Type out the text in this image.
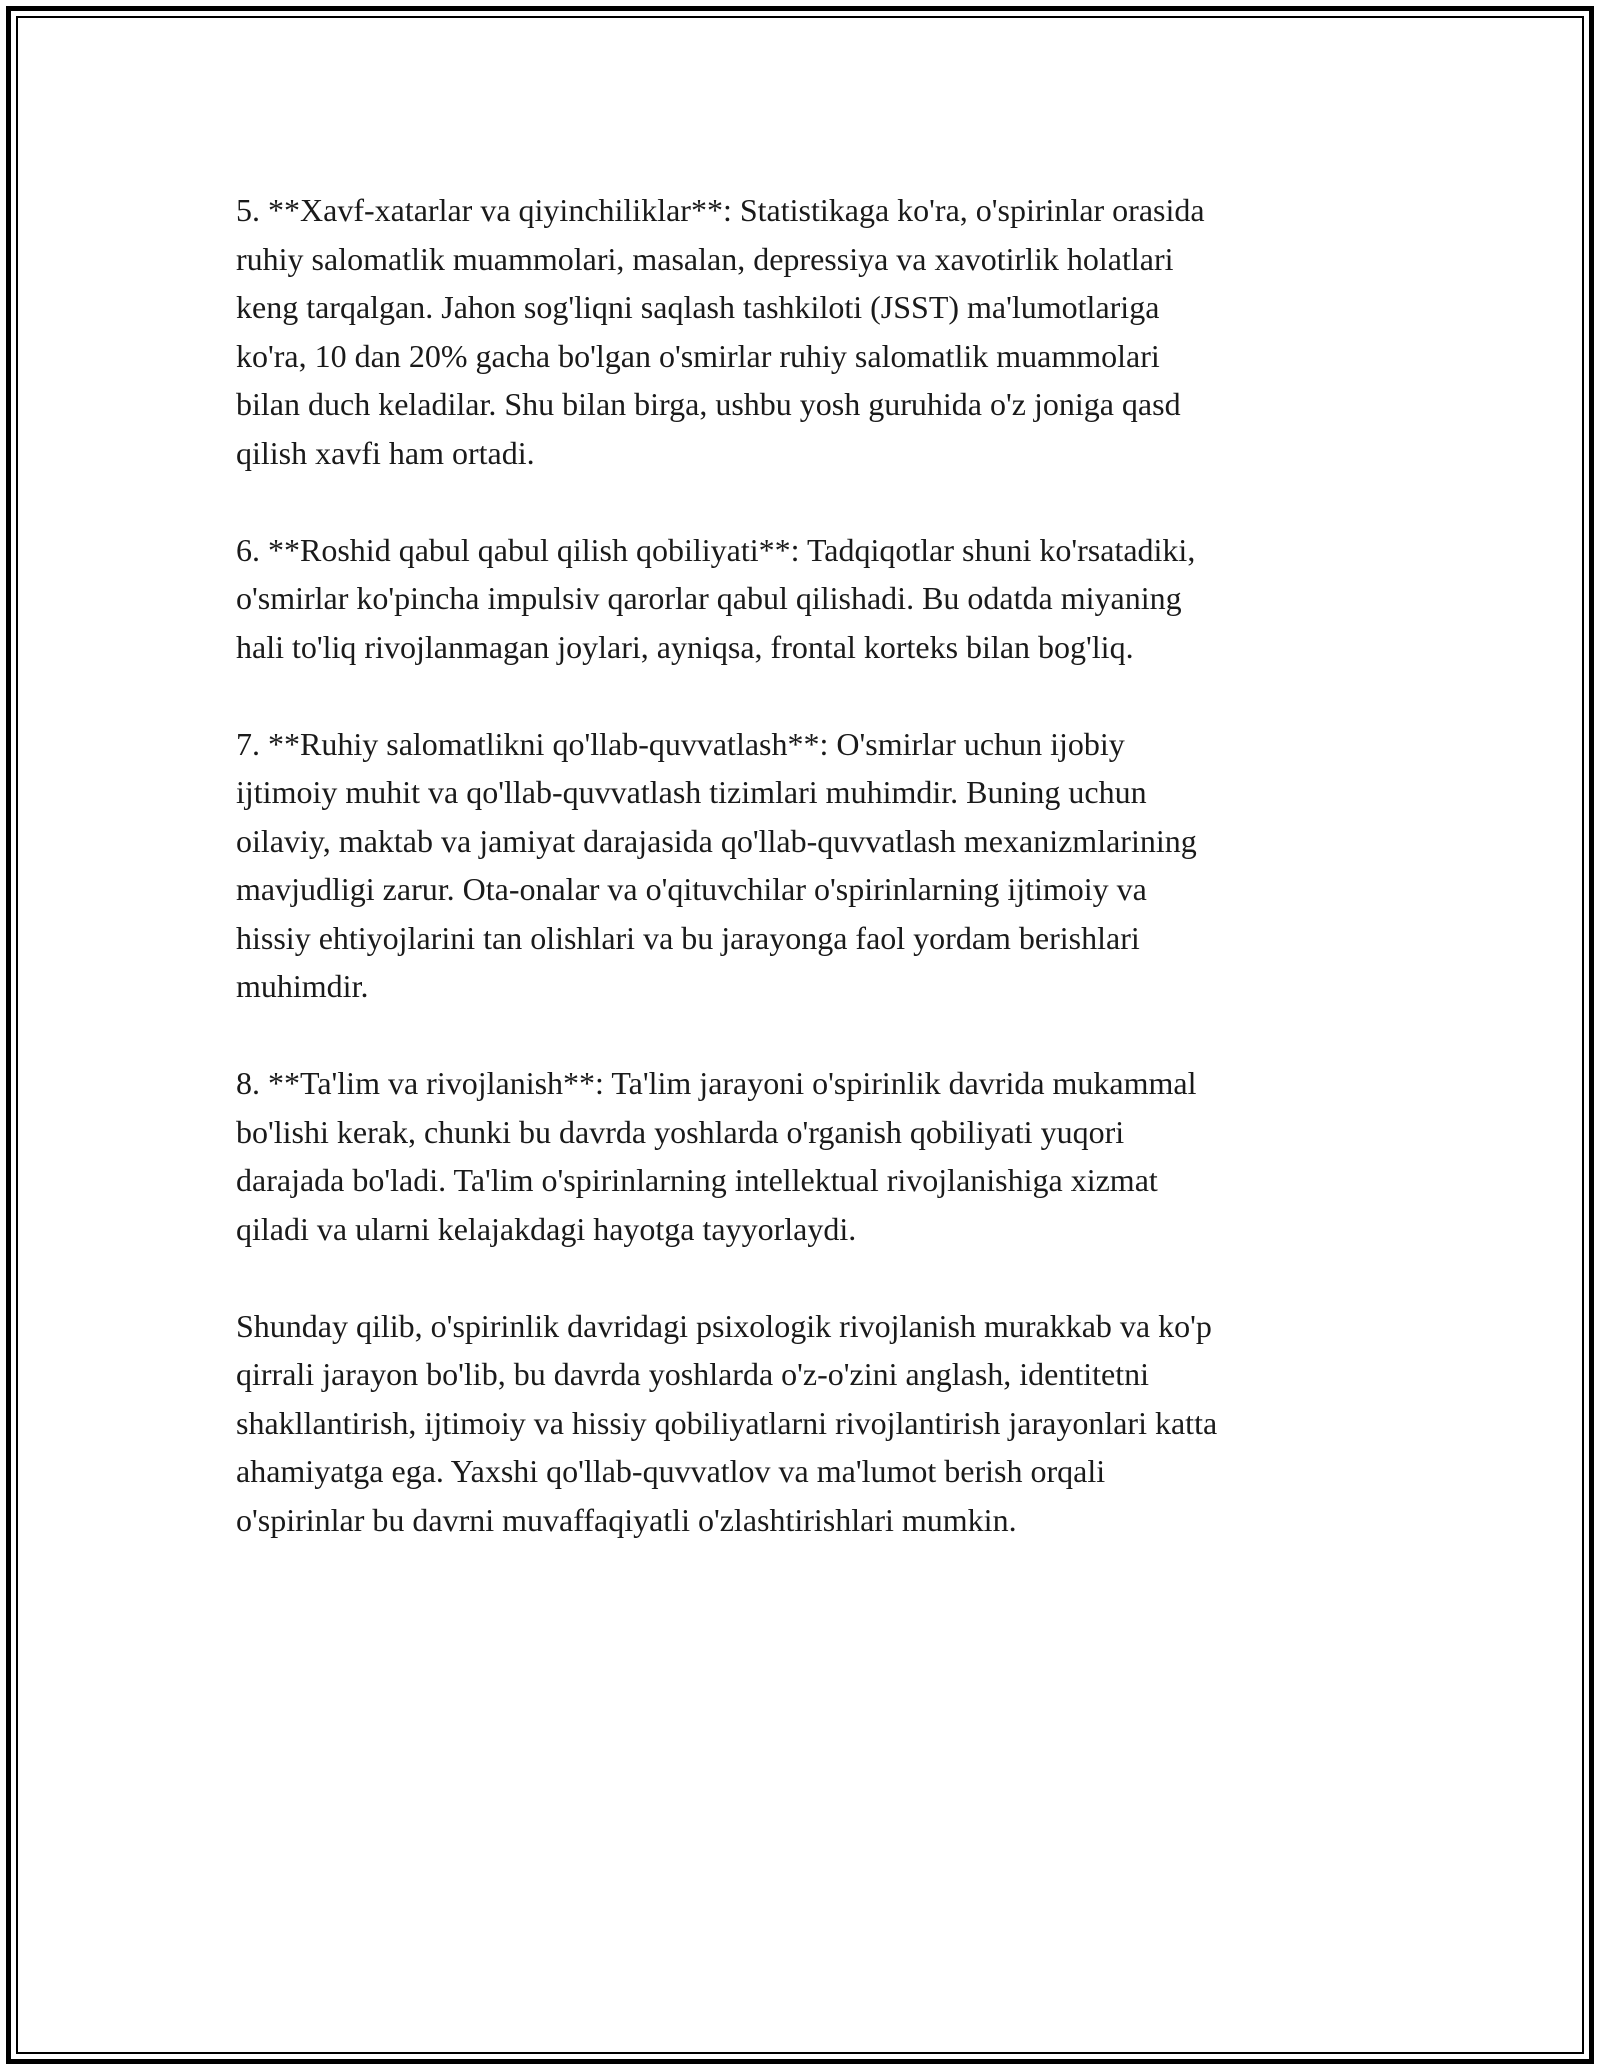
5. **Xavf-xatarlar va qiyinchiliklar**: Statistikaga ko'ra, o'spirinlar orasida
ruhiy salomatlik muammolari, masalan, depressiya va xavotirlik holatlari
keng tarqalgan. Jahon sog'liqni saqlash tashkiloti (JSST) ma'lumotlariga
ko'ra, 10 dan 20% gacha bo'lgan o'smirlar ruhiy salomatlik muammolari
bilan duch keladilar. Shu bilan birga, ushbu yosh guruhida o'z joniga qasd
qilish xavfi ham ortadi.

6. **Roshid qabul qabul qilish qobiliyati**: Tadqiqotlar shuni ko'rsatadiki,
o'smirlar ko'pincha impulsiv qarorlar qabul qilishadi. Bu odatda miyaning
hali to'liq rivojlanmagan joylari, ayniqsa, frontal korteks bilan bog'liq.

7. **Ruhiy salomatlikni qo'llab-quvvatlash**: O'smirlar uchun ijobiy
ijtimoiy muhit va qo'llab-quvvatlash tizimlari muhimdir. Buning uchun
oilaviy, maktab va jamiyat darajasida qo'llab-quvvatlash mexanizmlarining
mavjudligi zarur. Ota-onalar va o'qituvchilar o'spirinlarning ijtimoiy va
hissiy ehtiyojlarini tan olishlari va bu jarayonga faol yordam berishlari
muhimdir.

8. **Ta'lim va rivojlanish**: Ta'lim jarayoni o'spirinlik davrida mukammal
bo'lishi kerak, chunki bu davrda yoshlarda o'rganish qobiliyati yuqori
darajada bo'ladi. Ta'lim o'spirinlarning intellektual rivojlanishiga xizmat
qiladi va ularni kelajakdagi hayotga tayyorlaydi.

Shunday qilib, o'spirinlik davridagi psixologik rivojlanish murakkab va ko'p
qirrali jarayon bo'lib, bu davrda yoshlarda o'z-o'zini anglash, identitetni
shakllantirish, ijtimoiy va hissiy qobiliyatlarni rivojlantirish jarayonlari katta
ahamiyatga ega. Yaxshi qo'llab-quvvatlov va ma'lumot berish orqali
o'spirinlar bu davrni muvaffaqiyatli o'zlashtirishlari mumkin.
